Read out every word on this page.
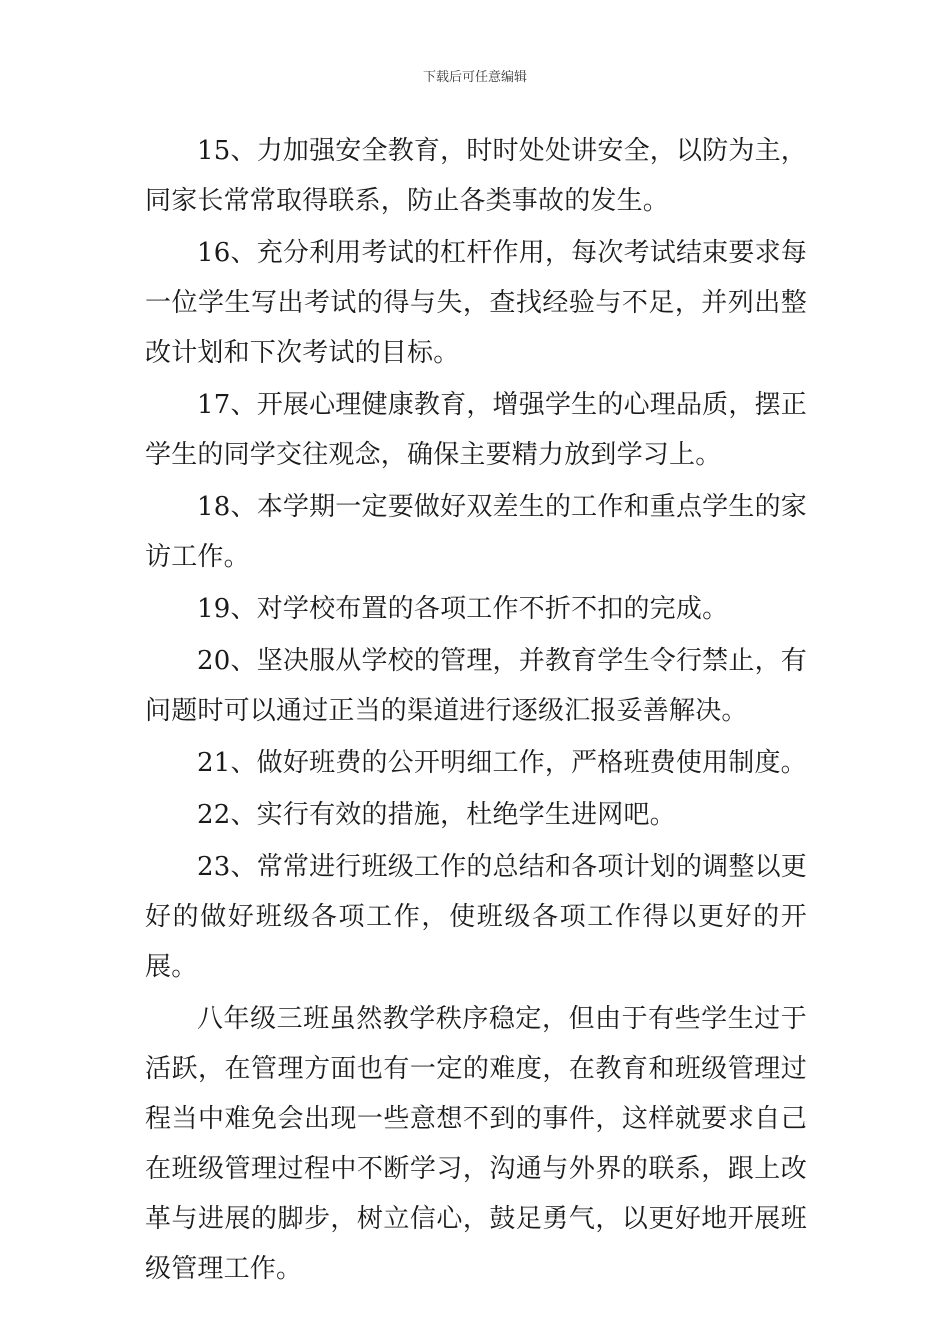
下载后可任意编辑

15、力加强安全教育，时时处处讲安全，以防为主，同家长常常取得联系，防止各类事故的发生。

16、充分利用考试的杠杆作用，每次考试结束要求每一位学生写出考试的得与失，查找经验与不足，并列出整改计划和下次考试的目标。

17、开展心理健康教育，增强学生的心理品质，摆正学生的同学交往观念，确保主要精力放到学习上。

18、本学期一定要做好双差生的工作和重点学生的家访工作。

19、对学校布置的各项工作不折不扣的完成。

20、坚决服从学校的管理，并教育学生令行禁止，有问题时可以通过正当的渠道进行逐级汇报妥善解决。

21、做好班费的公开明细工作，严格班费使用制度。

22、实行有效的措施，杜绝学生进网吧。

23、常常进行班级工作的总结和各项计划的调整以更好的做好班级各项工作，使班级各项工作得以更好的开展。

八年级三班虽然教学秩序稳定，但由于有些学生过于活跃，在管理方面也有一定的难度，在教育和班级管理过程当中难免会出现一些意想不到的事件，这样就要求自己在班级管理过程中不断学习，沟通与外界的联系，跟上改革与进展的脚步，树立信心，鼓足勇气，以更好地开展班级管理工作。
